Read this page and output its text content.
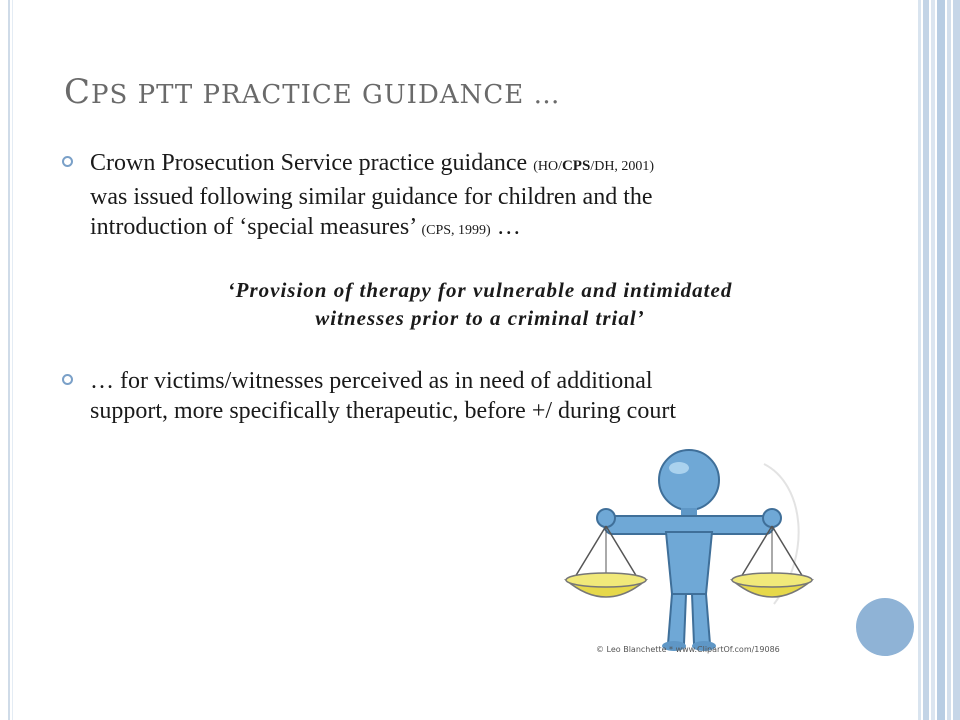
CPS PTT PRACTICE GUIDANCE …
Crown Prosecution Service practice guidance (HO/CPS/DH, 2001)
was issued following similar guidance for children and the
introduction of ‘special measures’ (CPS, 1999) …
‘Provision of therapy for vulnerable and intimidated
witnesses prior to a criminal trial’
… for victims/witnesses perceived as in need of additional
support, more specifically therapeutic, before +/ during court
© Leo Blanchette * www.ClipartOf.com/19086
